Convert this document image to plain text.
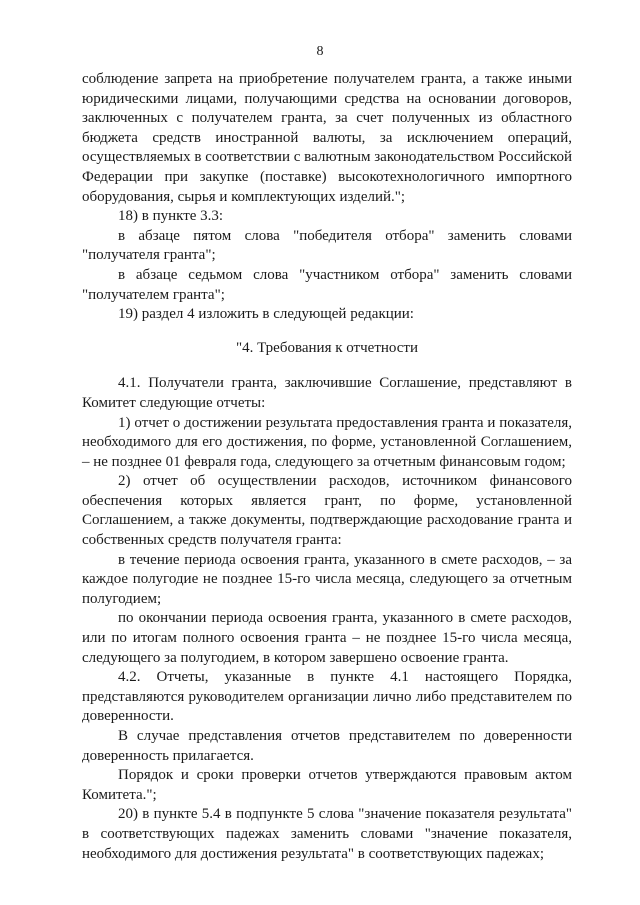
8

соблюдение запрета на приобретение получателем гранта, а также иными юридическими лицами, получающими средства на основании договоров, заключенных с получателем гранта, за счет полученных из областного бюджета средств иностранной валюты, за исключением операций, осуществляемых в соответствии с валютным законодательством Российской Федерации при закупке (поставке) высокотехнологичного импортного оборудования, сырья и комплектующих изделий.";

18) в пункте 3.3:

в абзаце пятом слова "победителя отбора" заменить словами "получателя гранта";

в абзаце седьмом слова "участником отбора" заменить словами "получателем гранта";

19) раздел 4 изложить в следующей редакции:

"4. Требования к отчетности

4.1. Получатели гранта, заключившие Соглашение, представляют в Комитет следующие отчеты:

1) отчет о достижении результата предоставления гранта и показателя, необходимого для его достижения, по форме, установленной Соглашением, – не позднее 01 февраля года, следующего за отчетным финансовым годом;

2) отчет об осуществлении расходов, источником финансового обеспечения которых является грант, по форме, установленной Соглашением, а также документы, подтверждающие расходование гранта и собственных средств получателя гранта:

в течение периода освоения гранта, указанного в смете расходов, – за каждое полугодие не позднее 15-го числа месяца, следующего за отчетным полугодием;

по окончании периода освоения гранта, указанного в смете расходов, или по итогам полного освоения гранта – не позднее 15-го числа месяца, следующего за полугодием, в котором завершено освоение гранта.

4.2. Отчеты, указанные в пункте 4.1 настоящего Порядка, представляются руководителем организации лично либо представителем по доверенности.

В случае представления отчетов представителем по доверенности доверенность прилагается.

Порядок и сроки проверки отчетов утверждаются правовым актом Комитета.";

20) в пункте 5.4 в подпункте 5 слова "значение показателя результата" в соответствующих падежах заменить словами "значение показателя, необходимого для достижения результата" в соответствующих падежах;
